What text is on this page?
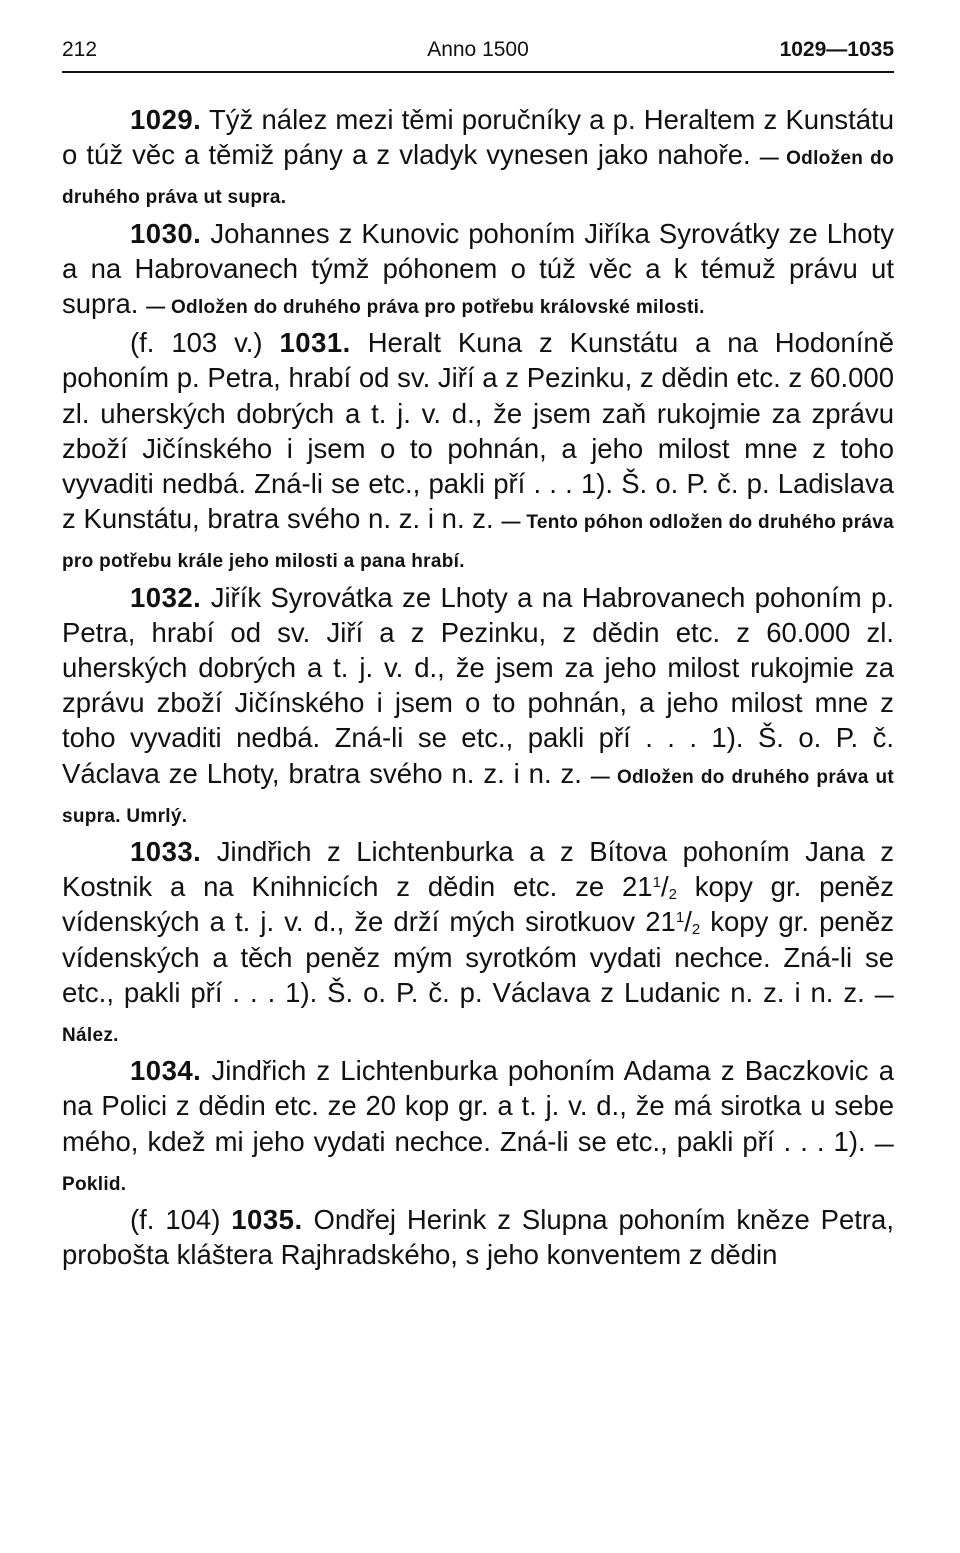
212	Anno 1500	1029—1035

1029. Týž nález mezi těmi poručníky a p. Heraltem z Kunstátu o túž věc a těmiž pány a z vladyk vynesen jako nahoře. — Odložen do druhého práva ut supra.

1030. Johannes z Kunovic pohoním Jiříka Syrovátky ze Lhoty a na Habrovanech týmž póhonem o túž věc a k témuž právu ut supra. — Odložen do druhého práva pro potřebu královské milosti.

(f. 103 v.) 1031. Heralt Kuna z Kunstátu a na Hodoníně pohoním p. Petra, hrabí od sv. Jiří a z Pezinku, z dědin etc. z 60.000 zl. uherských dobrých a t. j. v. d., že jsem zaň rukojmie za zprávu zboží Jičínského i jsem o to pohnán, a jeho milost mne z toho vyvaditi nedbá. Zná-li se etc., pakli pří . . . 1). Š. o. P. č. p. Ladislava z Kunstátu, bratra svého n. z. i n. z. — Tento póhon odložen do druhého práva pro potřebu krále jeho milosti a pana hrabí.

1032. Jiřík Syrovátka ze Lhoty a na Habrovanech pohoním p. Petra, hrabí od sv. Jiří a z Pezinku, z dědin etc. z 60.000 zl. uherských dobrých a t. j. v. d., že jsem za jeho milost rukojmie za zprávu zboží Jičínského i jsem o to pohnán, a jeho milost mne z toho vyvaditi nedbá. Zná-li se etc., pakli pří . . . 1). Š. o. P. č. Václava ze Lhoty, bratra svého n. z. i n. z. — Odložen do druhého práva ut supra. Umrlý.

1033. Jindřich z Lichtenburka a z Bítova pohoním Jana z Kostnik a na Knihnicích z dědin etc. ze $21^1/_2$ kopy gr. peněz vídenských a t. j. v. d., že drží mých sirotkuov $21^1/_2$ kopy gr. peněz vídenských a těch peněz mým syrotkóm vydati nechce. Zná-li se etc., pakli pří . . . 1). Š. o. P. č. p. Václava z Ludanic n. z. i n. z. — Nález.

1034. Jindřich z Lichtenburka pohoním Adama z Baczkovic a na Polici z dědin etc. ze 20 kop gr. a t. j. v. d., že má sirotka u sebe mého, kdež mi jeho vydati nechce. Zná-li se etc., pakli pří . . . 1). — Poklid.

(f. 104) 1035. Ondřej Herink z Slupna pohoním kněze Petra, probošta kláštera Rajhradského, s jeho konventem z dědin
